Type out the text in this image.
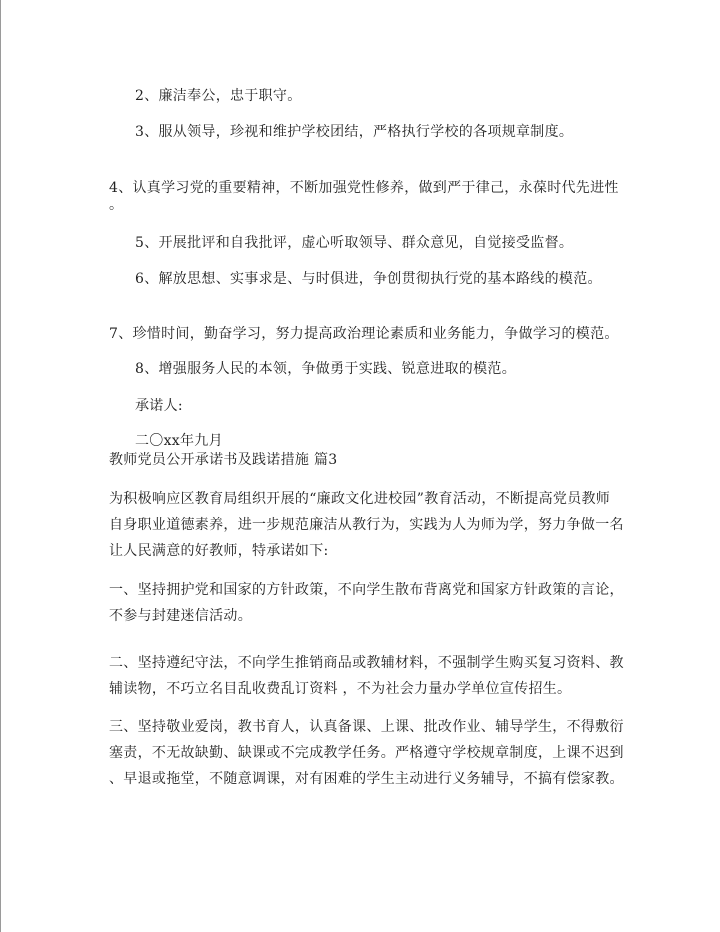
2、廉洁奉公，忠于职守。
3、服从领导，珍视和维护学校团结，严格执行学校的各项规章制度。
4、认真学习党的重要精神，不断加强党性修养，做到严于律己，永葆时代先进性
。
5、开展批评和自我批评，虚心听取领导、群众意见，自觉接受监督。
6、解放思想、实事求是、与时俱进，争创贯彻执行党的基本路线的模范。
7、珍惜时间，勤奋学习，努力提高政治理论素质和业务能力，争做学习的模范。
8、增强服务人民的本领，争做勇于实践、锐意进取的模范。
承诺人:
二〇xx年九月
教师党员公开承诺书及践诺措施 篇3
为积极响应区教育局组织开展的“廉政文化进校园”教育活动，不断提高党员教师
自身职业道德素养，进一步规范廉洁从教行为，实践为人为师为学，努力争做一名
让人民满意的好教师，特承诺如下:
一、坚持拥护党和国家的方针政策，不向学生散布背离党和国家方针政策的言论，
不参与封建迷信活动。
二、坚持遵纪守法，不向学生推销商品或教辅材料，不强制学生购买复习资料、教
辅读物，不巧立名目乱收费乱订资料 ，不为社会力量办学单位宣传招生。
三、坚持敬业爱岗，教书育人，认真备课、上课、批改作业、辅导学生，不得敷衍
塞责，不无故缺勤、缺课或不完成教学任务。严格遵守学校规章制度，上课不迟到
、早退或拖堂，不随意调课，对有困难的学生主动进行义务辅导，不搞有偿家教。
